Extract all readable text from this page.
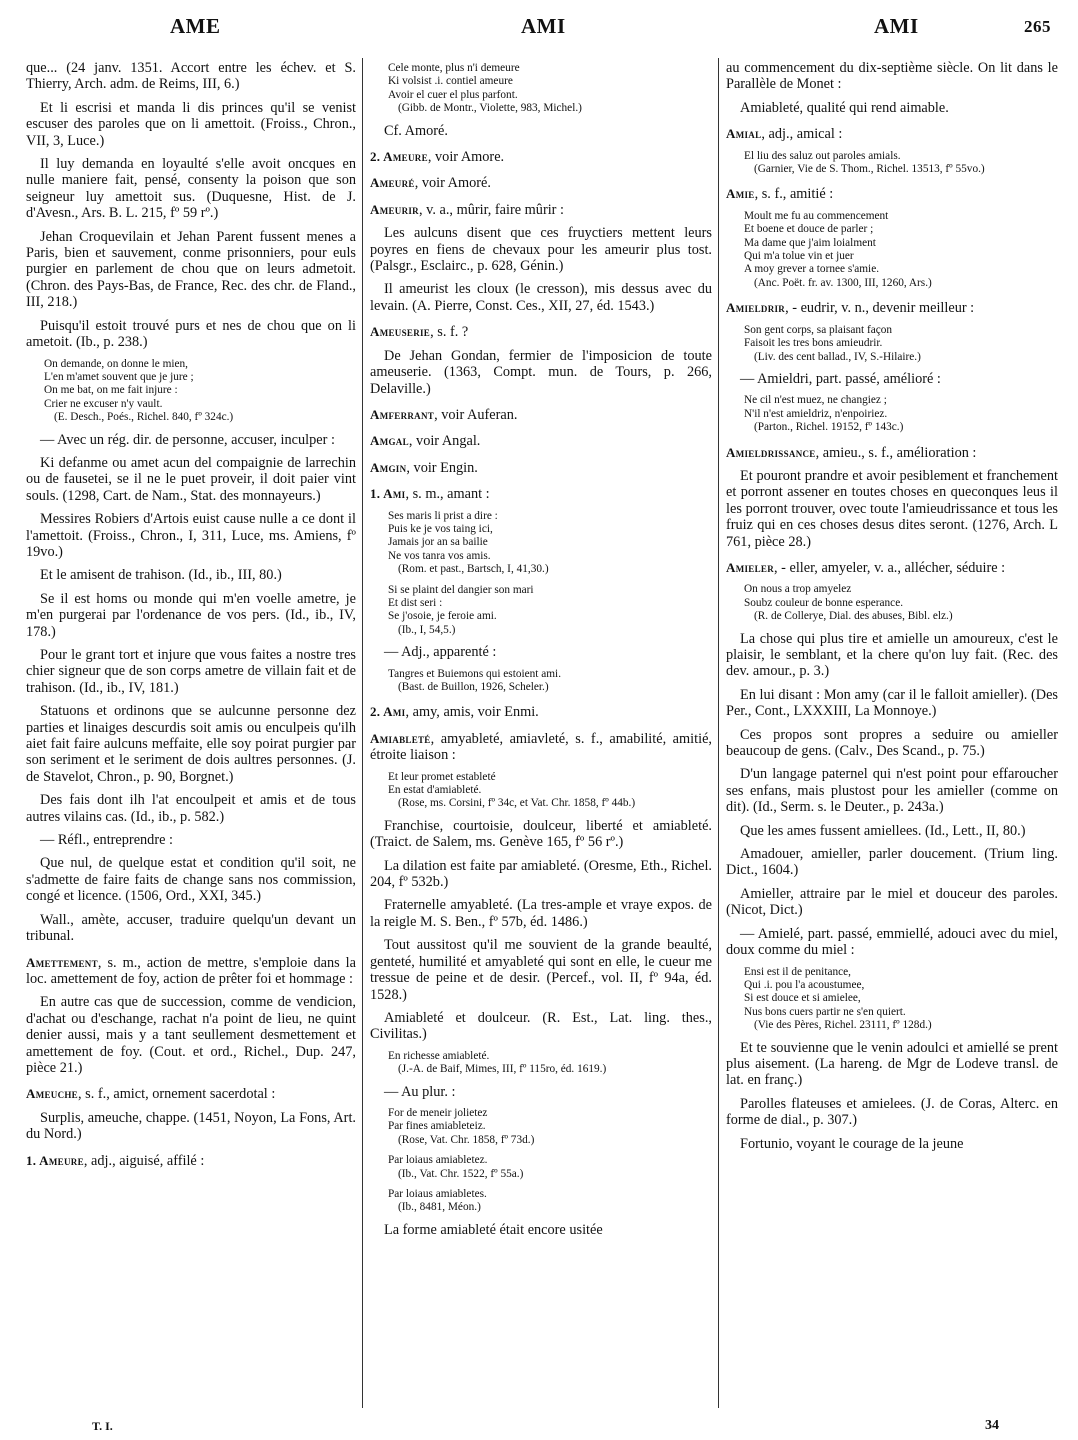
AME	AMI	AMI	265

que... (24 janv. 1351. Accort entre les échev. et S. Thierry, Arch. adm. de Reims, III, 6.)

Et li escrisi et manda li dis princes qu'il se venist escuser des paroles que on li amettoit. (Froiss., Chron., VII, 3, Luce.)

Il luy demanda en loyaulté s'elle avoit oncques en nulle maniere fait, pensé, consenty la poison que son seigneur luy amettoit sus. (Duquesne, Hist. de J. d'Avesn., Ars. B. L. 215, fº 59 rº.)

Jehan Croquevilain et Jehan Parent fussent menes a Paris, bien et sauvement, conme prisonniers, pour euls purgier en parlement de chou que on leurs admetoit. (Chron. des Pays-Bas, de France, Rec. des chr. de Fland., III, 218.)

Puisqu'il estoit trouvé purs et nes de chou que on li ametoit. (Ib., p. 238.)

On demande, on donne le mien,
L'en m'amet souvent que je jure ;
On me bat, on me fait injure :
Crier ne excuser n'y vault.
(E. Desch., Poés., Richel. 840, fº 324c.)

— Avec un rég. dir. de personne, accuser, inculper :

Ki defanme ou amet acun del compaignie de larrechin ou de fausetei, se il ne le puet proveir, il doit paier vint souls. (1298, Cart. de Nam., Stat. des monnayeurs.)

Messires Robiers d'Artois euist cause nulle a ce dont il l'amettoit. (Froiss., Chron., I, 311, Luce, ms. Amiens, fº 19vo.)

Et le amisent de trahison. (Id., ib., III, 80.)

Se il est homs ou monde qui m'en voelle ametre, je m'en purgerai par l'ordenance de vos pers. (Id., ib., IV, 178.)

Pour le grant tort et injure que vous faites a nostre tres chier signeur que de son corps ametre de villain fait et de trahison. (Id., ib., IV, 181.)

Statuons et ordinons que se aulcunne personne dez parties et linaiges descurdis soit amis ou enculpeis qu'ilh aiet fait faire aulcuns meffaite, elle soy poirat purgier par son seriment et le seriment de dois aultres personnes. (J. de Stavelot, Chron., p. 90, Borgnet.)

Des fais dont ilh l'at encoulpeit et amis et de tous autres vilains cas. (Id., ib., p. 582.)

— Réfl., entreprendre :

Que nul, de quelque estat et condition qu'il soit, ne s'admette de faire faits de change sans nos commission, congé et licence. (1506, Ord., XXI, 345.)

Wall., amète, accuser, traduire quelqu'un devant un tribunal.

Amettement, s. m., action de mettre, s'emploie dans la loc. amettement de foy, action de prêter foi et hommage :

En autre cas que de succession, comme de vendicion, d'achat ou d'eschange, rachat n'a point de lieu, ne quint denier aussi, mais y a tant seullement desmettement et amettement de foy. (Cout. et ord., Richel., Dup. 247, pièce 21.)

Ameuche, s. f., amict, ornement sacerdotal :

Surplis, ameuche, chappe. (1451, Noyon, La Fons, Art. du Nord.)

1. Ameure, adj., aiguisé, affilé :

Cele monte, plus n'i demeure
Ki volsist .i. contiel ameure
Avoir el cuer el plus parfont.
(Gibb. de Montr., Violette, 983, Michel.)

Cf. Amoré.

2. Ameure, voir Amore.

Ameuré, voir Amoré.

Ameurir, v. a., mûrir, faire mûrir :

Les aulcuns disent que ces fruyctiers mettent leurs poyres en fiens de chevaux pour les ameurir plus tost. (Palsgr., Esclairc., p. 628, Génin.)

Il ameurist les cloux (le cresson), mis dessus avec du levain. (A. Pierre, Const. Ces., XII, 27, éd. 1543.)

Ameuserie, s. f. ?

De Jehan Gondan, fermier de l'imposicion de toute ameuserie. (1363, Compt. mun. de Tours, p. 266, Delaville.)

Amferrant, voir Auferan.

Amgal, voir Angal.

Amgin, voir Engin.

1. Ami, s. m., amant :

Ses maris li prist a dire :
Puis ke je vos taing ici,
Jamais jor an sa bailie
Ne vos tanra vos amis.
(Rom. et past., Bartsch, I, 41,30.)
Si se plaint del dangier son mari
Et dist seri :
Se j'osoie, je feroie ami.
(Ib., I, 54,5.)

— Adj., apparenté :

Tangres et Buiemons qui estoient ami.
(Bast. de Buillon, 1926, Scheler.)

2. Ami, amy, amis, voir Enmi.

Amiableté, amyableté, amiavleté, s. f., amabilité, amitié, étroite liaison :

Et leur promet estableté
En estat d'amiableté.
(Rose, ms. Corsini, fº 34c, et Vat. Chr. 1858, fº 44b.)

Franchise, courtoisie, doulceur, liberté et amiableté. (Traict. de Salem, ms. Genève 165, fº 56 rº.)

La dilation est faite par amiableté. (Oresme, Eth., Richel. 204, fº 532b.)

Fraternelle amyableté. (La tres-ample et vraye expos. de la reigle M. S. Ben., fº 57b, éd. 1486.)

Tout aussitost qu'il me souvient de la grande beaulté, genteté, humilité et amyableté qui sont en elle, le cueur me tressue de peine et de desir. (Percef., vol. II, fº 94a, éd. 1528.)

Amiableté et doulceur. (R. Est., Lat. ling. thes., Civilitas.)

En richesse amiableté.
(J.-A. de Baif, Mimes, III, fº 115ro, éd. 1619.)

— Au plur. :

For de meneir jolietez
Par fines amiableteiz.
(Rose, Vat. Chr. 1858, fº 73d.)
Par loiaus amiabletez.
(Ib., Vat. Chr. 1522, fº 55a.)
Par loiaus amiabletes.
(Ib., 8481, Méon.)

La forme amiableté était encore usitée

au commencement du dix-septième siècle. On lit dans le Parallèle de Monet :

Amiableté, qualité qui rend aimable.

Amial, adj., amical :

El liu des saluz out paroles amials.
(Garnier, Vie de S. Thom., Richel. 13513, fº 55vo.)

Amie, s. f., amitié :

Moult me fu au commencement
Et boene et douce de parler ;
Ma dame que j'aim loialment
Qui m'a tolue vin et juer
A moy grever a tornee s'amie.
(Anc. Poët. fr. av. 1300, III, 1260, Ars.)

Amieldrir, - eudrir, v. n., devenir meilleur :

Son gent corps, sa plaisant façon
Faisoit les tres bons amieudrir.
(Liv. des cent ballad., IV, S.-Hilaire.)

— Amieldri, part. passé, amélioré :

Ne cil n'est muez, ne changiez ;
N'il n'est amieldriz, n'enpoiriez.
(Parton., Richel. 19152, fº 143c.)

Amieldrissance, amieu., s. f., amélioration :

Et pouront prandre et avoir pesiblement et franchement et porront assener en toutes choses en queconques leus il les porront trouver, ovec toute l'amieudrissance et tous les fruiz qui en ces choses desus dites seront. (1276, Arch. L 761, pièce 28.)

Amieler, - eller, amyeler, v. a., allécher, séduire :

On nous a trop amyelez
Soubz couleur de bonne esperance.
(R. de Collerye, Dial. des abuses, Bibl. elz.)

La chose qui plus tire et amielle un amoureux, c'est le plaisir, le semblant, et la chere qu'on luy fait. (Rec. des dev. amour., p. 3.)

En lui disant : Mon amy (car il le falloit amieller). (Des Per., Cont., LXXXIII, La Monnoye.)

Ces propos sont propres a seduire ou amieller beaucoup de gens. (Calv., Des Scand., p. 75.)

D'un langage paternel qui n'est point pour effaroucher ses enfans, mais plustost pour les amieller (comme on dit). (Id., Serm. s. le Deuter., p. 243a.)

Que les ames fussent amiellees. (Id., Lett., II, 80.)

Amadouer, amieller, parler doucement. (Trium ling. Dict., 1604.)

Amieller, attraire par le miel et douceur des paroles. (Nicot, Dict.)

— Amielé, part. passé, emmiellé, adouci avec du miel, doux comme du miel :

Ensi est il de penitance,
Qui .i. pou l'a acoustumee,
Si est douce et si amielee,
Nus bons cuers partir ne s'en quiert.
(Vie des Pères, Richel. 23111, fº 128d.)

Et te souvienne que le venin adoulci et amiellé se prent plus aisement. (La hareng. de Mgr de Lodeve transl. de lat. en franç.)

Parolles flateuses et amielees. (J. de Coras, Alterc. en forme de dial., p. 307.)

Fortunio, voyant le courage de la jeune

T. I.	34
